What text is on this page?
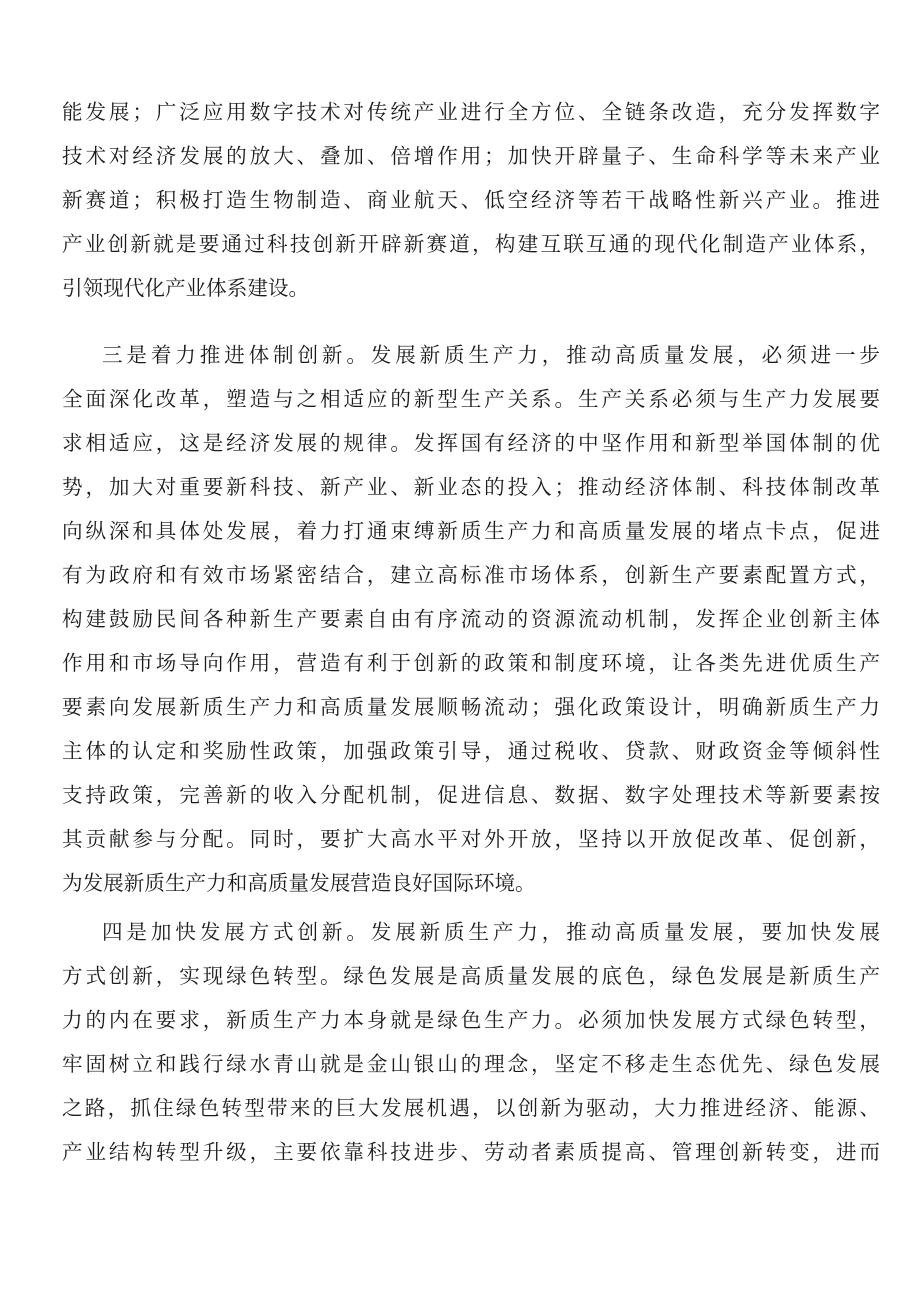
能发展；广泛应用数字技术对传统产业进行全方位、全链条改造，充分发挥数字
技术对经济发展的放大、叠加、倍增作用；加快开辟量子、生命科学等未来产业
新赛道；积极打造生物制造、商业航天、低空经济等若干战略性新兴产业。推进
产业创新就是要通过科技创新开辟新赛道，构建互联互通的现代化制造产业体系，
引领现代化产业体系建设。
三是着力推进体制创新。发展新质生产力，推动高质量发展，必须进一步
全面深化改革，塑造与之相适应的新型生产关系。生产关系必须与生产力发展要
求相适应，这是经济发展的规律。发挥国有经济的中坚作用和新型举国体制的优
势，加大对重要新科技、新产业、新业态的投入；推动经济体制、科技体制改革
向纵深和具体处发展，着力打通束缚新质生产力和高质量发展的堵点卡点，促进
有为政府和有效市场紧密结合，建立高标准市场体系，创新生产要素配置方式，
构建鼓励民间各种新生产要素自由有序流动的资源流动机制，发挥企业创新主体
作用和市场导向作用，营造有利于创新的政策和制度环境，让各类先进优质生产
要素向发展新质生产力和高质量发展顺畅流动；强化政策设计，明确新质生产力
主体的认定和奖励性政策，加强政策引导，通过税收、贷款、财政资金等倾斜性
支持政策，完善新的收入分配机制，促进信息、数据、数字处理技术等新要素按
其贡献参与分配。同时，要扩大高水平对外开放，坚持以开放促改革、促创新，
为发展新质生产力和高质量发展营造良好国际环境。
四是加快发展方式创新。发展新质生产力，推动高质量发展，要加快发展
方式创新，实现绿色转型。绿色发展是高质量发展的底色，绿色发展是新质生产
力的内在要求，新质生产力本身就是绿色生产力。必须加快发展方式绿色转型，
牢固树立和践行绿水青山就是金山银山的理念，坚定不移走生态优先、绿色发展
之路，抓住绿色转型带来的巨大发展机遇，以创新为驱动，大力推进经济、能源、
产业结构转型升级，主要依靠科技进步、劳动者素质提高、管理创新转变，进而
